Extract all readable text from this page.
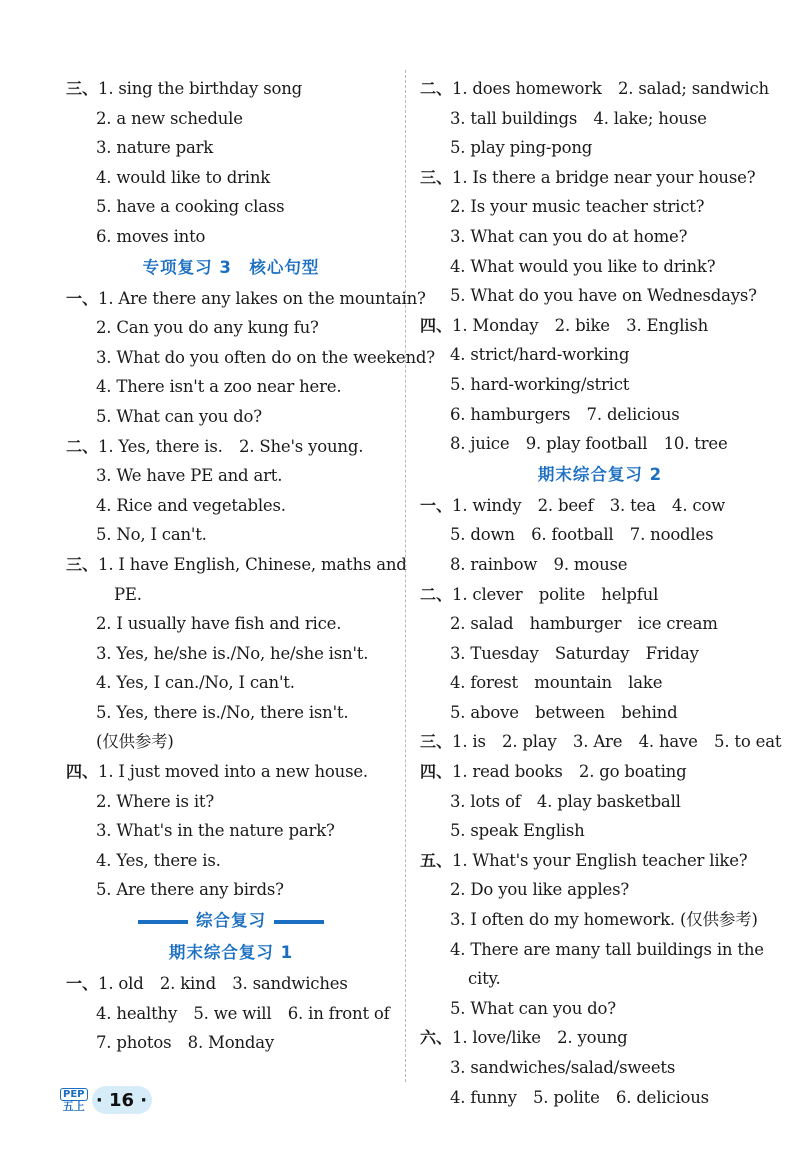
三、1. sing the birthday song
2. a new schedule
3. nature park
4. would like to drink
5. have a cooking class
6. moves into
专项复习 3　核心句型
一、1. Are there any lakes on the mountain?
2. Can you do any kung fu?
3. What do you often do on the weekend?
4. There isn't a zoo near here.
5. What can you do?
二、1. Yes, there is.　2. She's young.
3. We have PE and art.
4. Rice and vegetables.
5. No, I can't.
三、1. I have English, Chinese, maths and
PE.
2. I usually have fish and rice.
3. Yes, he/she is./No, he/she isn't.
4. Yes, I can./No, I can't.
5. Yes, there is./No, there isn't.
(仅供参考)
四、1. I just moved into a new house.
2. Where is it?
3. What's in the nature park?
4. Yes, there is.
5. Are there any birds?
综合复习
期末综合复习 1
一、1. old　2. kind　3. sandwiches
4. healthy　5. we will　6. in front of
7. photos　8. Monday
二、1. does homework　2. salad; sandwich
3. tall buildings　4. lake; house
5. play ping-pong
三、1. Is there a bridge near your house?
2. Is your music teacher strict?
3. What can you do at home?
4. What would you like to drink?
5. What do you have on Wednesdays?
四、1. Monday　2. bike　3. English
4. strict/hard-working
5. hard-working/strict
6. hamburgers　7. delicious
8. juice　9. play football　10. tree
期末综合复习 2
一、1. windy　2. beef　3. tea　4. cow
5. down　6. football　7. noodles
8. rainbow　9. mouse
二、1. clever　polite　helpful
2. salad　hamburger　ice cream
3. Tuesday　Saturday　Friday
4. forest　mountain　lake
5. above　between　behind
三、1. is　2. play　3. Are　4. have　5. to eat
四、1. read books　2. go boating
3. lots of　4. play basketball
5. speak English
五、1. What's your English teacher like?
2. Do you like apples?
3. I often do my homework. (仅供参考)
4. There are many tall buildings in the
city.
5. What can you do?
六、1. love/like　2. young
3. sandwiches/salad/sweets
4. funny　5. polite　6. delicious
PEP
五上 · 16 ·
